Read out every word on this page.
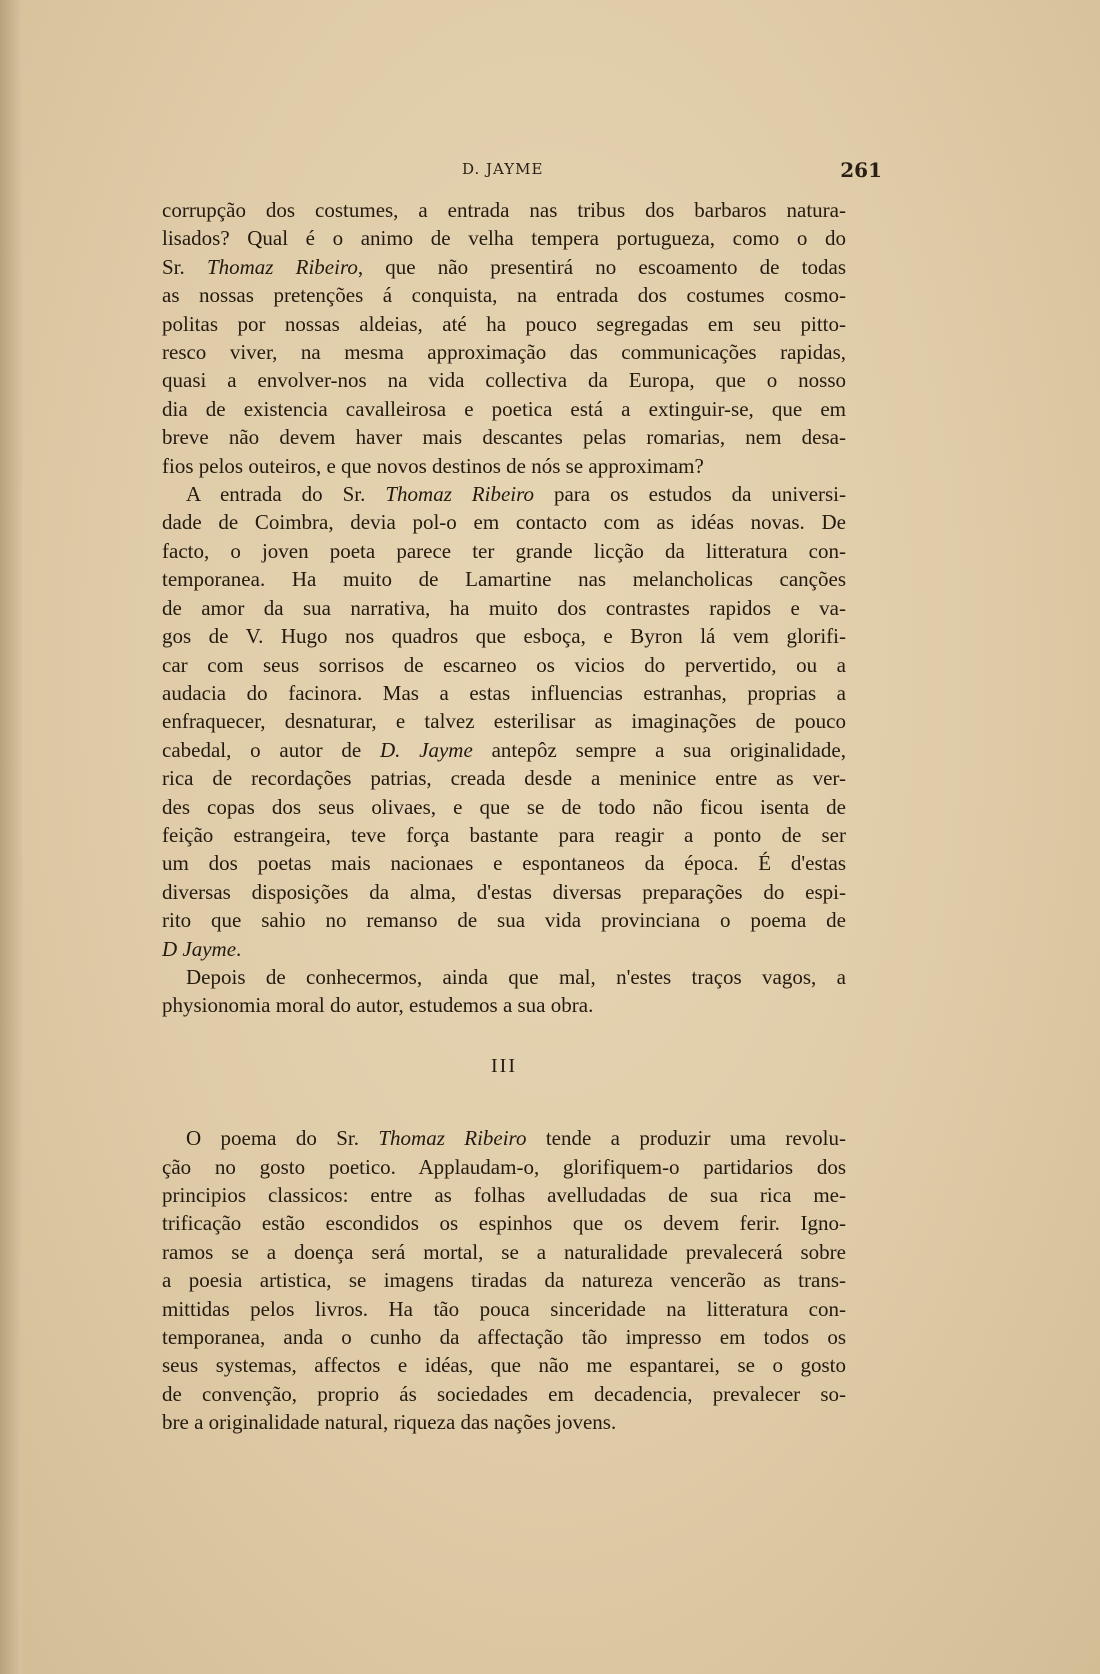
D. JAYME	261
corrupção dos costumes, a entrada nas tribus dos barbaros natura-
lisados? Qual é o animo de velha tempera portugueza, como o do
Sr. Thomaz Ribeiro, que não presentirá no escoamento de todas
as nossas pretenções á conquista, na entrada dos costumes cosmo-
politas por nossas aldeias, até ha pouco segregadas em seu pitto-
resco viver, na mesma approximação das communicações rapidas,
quasi a envolver-nos na vida collectiva da Europa, que o nosso
dia de existencia cavalleirosa e poetica está a extinguir-se, que em
breve não devem haver mais descantes pelas romarias, nem desa-
fios pelos outeiros, e que novos destinos de nós se approximam?
A entrada do Sr. Thomaz Ribeiro para os estudos da universi-
dade de Coimbra, devia pol-o em contacto com as idéas novas. De
facto, o joven poeta parece ter grande licção da litteratura con-
temporanea. Ha muito de Lamartine nas melancholicas canções
de amor da sua narrativa, ha muito dos contrastes rapidos e va-
gos de V. Hugo nos quadros que esboça, e Byron lá vem glorifi-
car com seus sorrisos de escarneo os vicios do pervertido, ou a
audacia do facinora. Mas a estas influencias estranhas, proprias a
enfraquecer, desnaturar, e talvez esterilisar as imaginações de pouco
cabedal, o autor de D. Jayme antepôz sempre a sua originalidade,
rica de recordações patrias, creada desde a meninice entre as ver-
des copas dos seus olivaes, e que se de todo não ficou isenta de
feição estrangeira, teve força bastante para reagir a ponto de ser
um dos poetas mais nacionaes e espontaneos da época. É d'estas
diversas disposições da alma, d'estas diversas preparações do espi-
rito que sahio no remanso de sua vida provinciana o poema de
D Jayme.
Depois de conhecermos, ainda que mal, n'estes traços vagos, a
physionomia moral do autor, estudemos a sua obra.
III
O poema do Sr. Thomaz Ribeiro tende a produzir uma revolu-
ção no gosto poetico. Applaudam-o, glorifiquem-o partidarios dos
principios classicos: entre as folhas avelludadas de sua rica me-
trificação estão escondidos os espinhos que os devem ferir. Igno-
ramos se a doença será mortal, se a naturalidade prevalecerá sobre
a poesia artistica, se imagens tiradas da natureza vencerão as trans-
mittidas pelos livros. Ha tão pouca sinceridade na litteratura con-
temporanea, anda o cunho da affectação tão impresso em todos os
seus systemas, affectos e idéas, que não me espantarei, se o gosto
de convenção, proprio ás sociedades em decadencia, prevalecer so-
bre a originalidade natural, riqueza das nações jovens.
